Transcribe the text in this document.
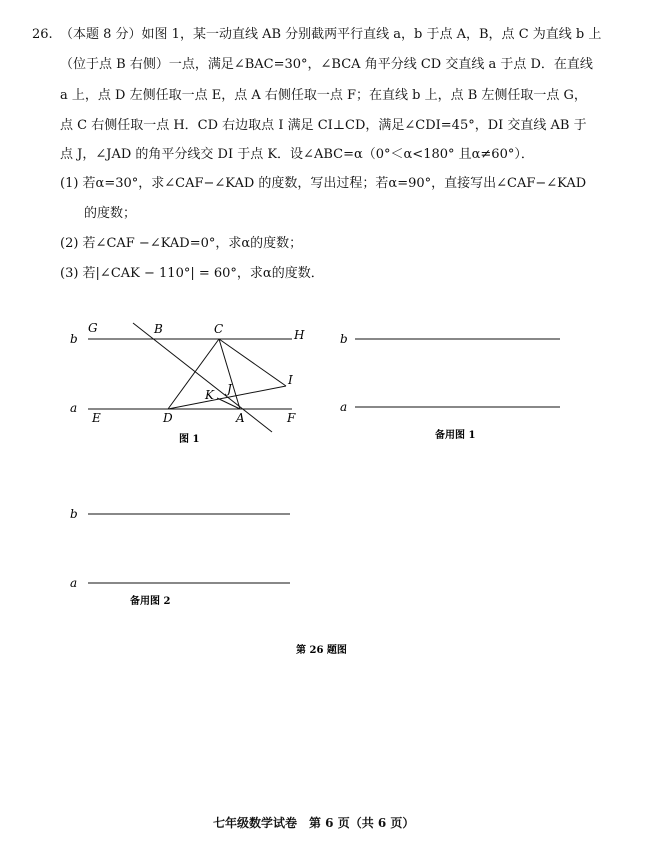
26. （本题 8 分）如图 1，某一动直线 AB 分别截两平行直线 a，b 于点 A，B，点 C 为直线 b 上
（位于点 B 右侧）一点，满足∠BAC=30°，∠BCA 角平分线 CD 交直线 a 于点 D．在直线
a 上，点 D 左侧任取一点 E，点 A 右侧任取一点 F；在直线 b 上，点 B 左侧任取一点 G，
点 C 右侧任取一点 H．CD 右边取点 I 满足 CI⊥CD，满足∠CDI=45°，DI 交直线 AB 于
点 J，∠JAD 的角平分线交 DI 于点 K．设∠ABC=α（0°＜α<180° 且α≠60°）．
(1) 若α=30°，求∠CAF−∠KAD 的度数，写出过程；若α=90°，直接写出∠CAF−∠KAD
的度数；
(2) 若∠CAF −∠KAD=0°，求α的度数；
(3) 若|∠CAK − 110°| = 60°，求α的度数．
b
a
G	B	C	H
I
K J
E	D	A	F
图 1
b
a
备用图 1
b
a
备用图 2
第 26 题图
七年级数学试卷　第 6 页（共 6 页）
